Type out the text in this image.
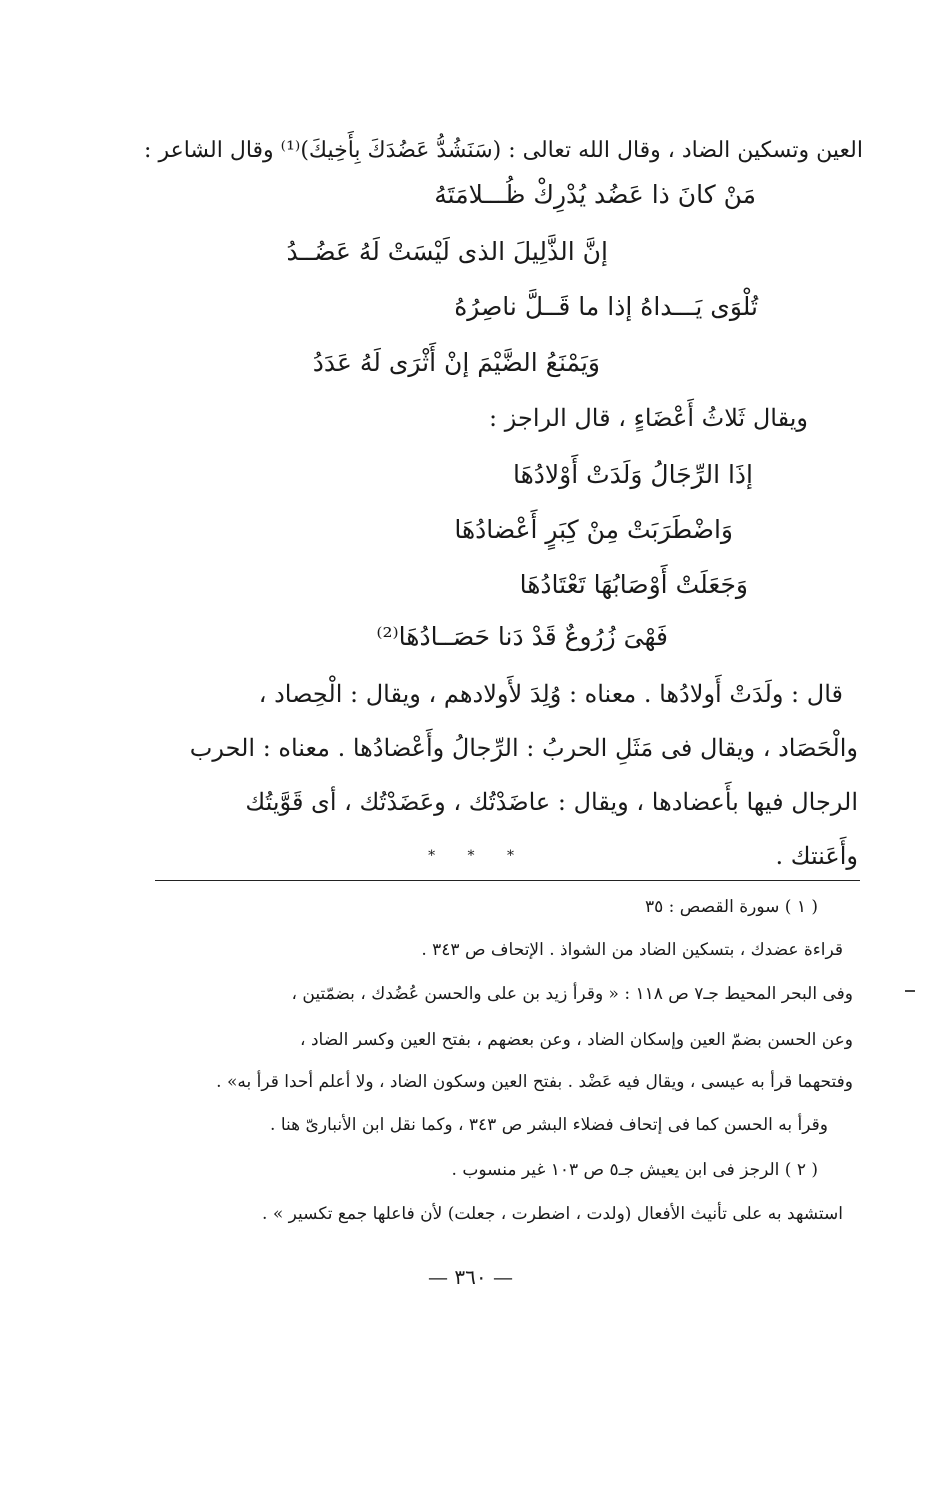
العين وتسكين الضاد ، وقال الله تعالى : (سَنَشُدُّ عَضُدَكَ بِأَخِيكَ)⁽¹⁾ وقال الشاعر :
مَنْ كانَ ذا عَضُد يُدْرِكْ ظُـــلامَتَهُ
إنَّ الذَّلِيلَ الذى لَيْسَتْ لَهُ عَضُــدُ
تُلْوَى يَـــداهُ إذا ما قَــلَّ ناصِرُهُ
وَيَمْنَعُ الضَّيْمَ إنْ أَثْرَى لَهُ عَدَدُ
ويقال ثَلاثُ أَعْضَاءٍ ، قال الراجز :
إذَا الرِّجَالُ وَلَدَتْ أَوْلادُهَا
وَاضْطَرَبَتْ مِنْ كِبَرٍ أَعْضادُهَا
وَجَعَلَتْ أَوْصَابُهَا تَعْتَادُهَا
فَهْىَ زُرُوعٌ قَدْ دَنا حَصَــادُهَا⁽²⁾
قال : ولَدَتْ أَولادُها . معناه : وُلِدَ لأَولادهم ، ويقال : الْحِصاد ،
والْحَصَاد ، ويقال فى مَثَلِ الحربُ : الرِّجالُ وأَعْضادُها . معناه : الحرب
الرجال فيها بأَعضادها ، ويقال : عاضَدْتُك ، وعَضَدْتُك ، أى قَوَّيتُك
وأَعَنتك .
* * *
( ١ ) سورة القصص : ٣٥
قراءة عضدك ، بتسكين الضاد من الشواذ . الإتحاف ص ٣٤٣ .
وفى البحر المحيط جـ٧ ص ١١٨ : « وقرأ زيد بن على والحسن عُضُدك ، بضمّتين ،
وعن الحسن بضمّ العين وإسكان الضاد ، وعن بعضهم ، بفتح العين وكسر الضاد ،
وفتحهما قرأ به عيسى ، ويقال فيه عَضْد . بفتح العين وسكون الضاد ، ولا أعلم أحدا قرأ به» .
وقرأ به الحسن كما فى إتحاف فضلاء البشر ص ٣٤٣ ، وكما نقل ابن الأنبارىّ هنا .
( ٢ ) الرجز فى ابن يعيش جـ٥ ص ١٠٣ غير منسوب .
استشهد به على تأنيث الأفعال (ولدت ، اضطرت ، جعلت) لأن فاعلها جمع تكسير » .
— ٣٦٠ —
